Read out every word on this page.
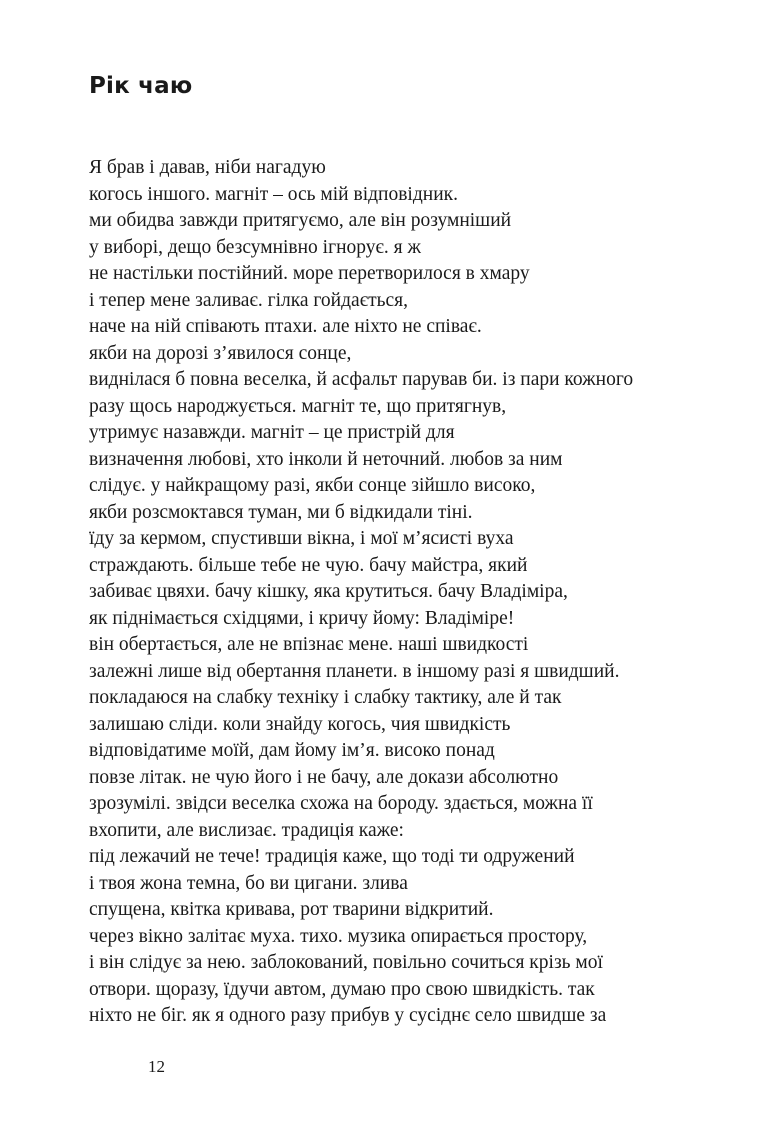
Рік чаю
Я брав і давав, ніби нагадую
когось іншого. магніт – ось мій відповідник.
ми обидва завжди притягуємо, але він розумніший
у виборі, дещо безсумнівно ігнорує. я ж
не настільки постійний. море перетворилося в хмару
і тепер мене заливає. гілка гойдається,
наче на ній співають птахи. але ніхто не співає.
якби на дорозі з’явилося сонце,
виднілася б повна веселка, й асфальт парував би. із пари кожного
разу щось народжується. магніт те, що притягнув,
утримує назавжди. магніт – це пристрій для
визначення любові, хто інколи й неточний. любов за ним
слідує. у найкращому разі, якби сонце зійшло високо,
якби розсмоктався туман, ми б відкидали тіні.
їду за кермом, спустивши вікна, і мої м’ясисті вуха
страждають. більше тебе не чую. бачу майстра, який
забиває цвяхи. бачу кішку, яка крутиться. бачу Владіміра,
як піднімається східцями, і кричу йому: Владіміре!
він обертається, але не впізнає мене. наші швидкості
залежні лише від обертання планети. в іншому разі я швидший.
покладаюся на слабку техніку і слабку тактику, але й так
залишаю сліди. коли знайду когось, чия швидкість
відповідатиме моїй, дам йому ім’я. високо понад
повзе літак. не чую його і не бачу, але докази абсолютно
зрозумілі. звідси веселка схожа на бороду. здається, можна її
вхопити, але вислизає. традиція каже:
під лежачий не тече! традиція каже, що тоді ти одружений
і твоя жона темна, бо ви цигани. злива
спущена, квітка кривава, рот тварини відкритий.
через вікно залітає муха. тихо. музика опирається простору,
і він слідує за нею. заблокований, повільно сочиться крізь мої
отвори. щоразу, їдучи автом, думаю про свою швидкість. так
ніхто не біг. як я одного разу прибув у сусіднє село швидше за
12
